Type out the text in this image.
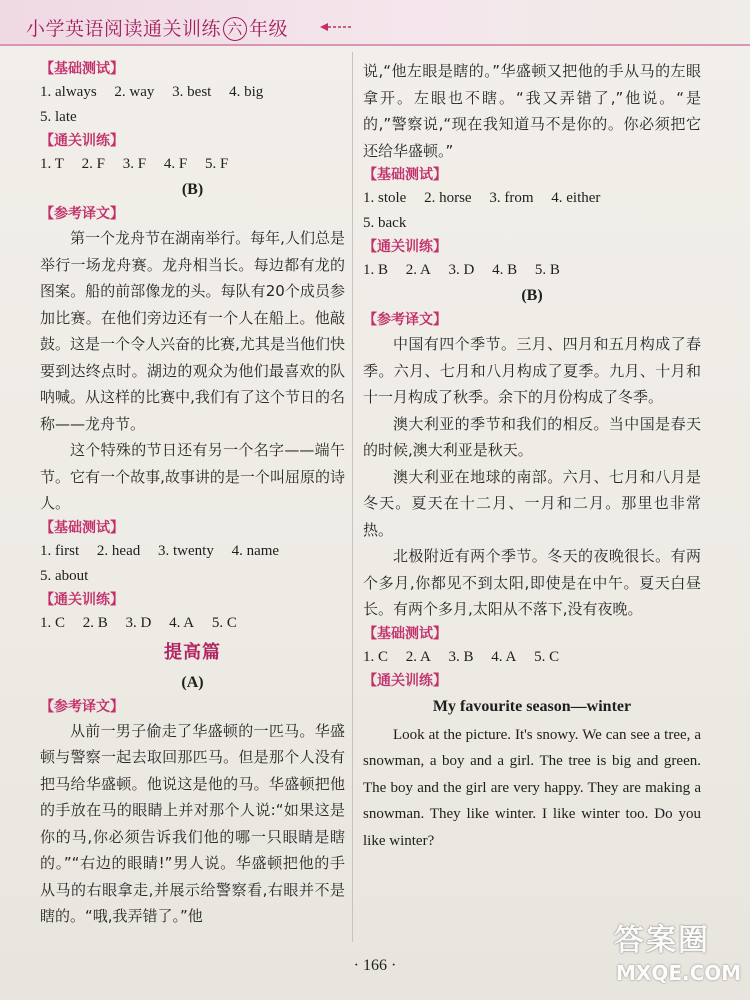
小学英语阅读通关训练 六 年级
【基础测试】
1. always 2. way 3. best 4. big
5. late
【通关训练】
1. T 2. F 3. F 4. F 5. F
(B)
【参考译文】

第一个龙舟节在湖南举行。每年,人们总是举行一场龙舟赛。龙舟相当长。每边都有龙的图案。船的前部像龙的头。每队有20个成员参加比赛。在他们旁边还有一个人在船上。他敲鼓。这是一个令人兴奋的比赛,尤其是当他们快要到达终点时。湖边的观众为他们最喜欢的队呐喊。从这样的比赛中,我们有了这个节日的名称——龙舟节。

这个特殊的节日还有另一个名字——端午节。它有一个故事,故事讲的是一个叫屈原的诗人。

【基础测试】
1. first 2. head 3. twenty 4. name
5. about
【通关训练】
1. C 2. B 3. D 4. A 5. C
提高篇
(A)
【参考译文】

从前一男子偷走了华盛顿的一匹马。华盛顿与警察一起去取回那匹马。但是那个人没有把马给华盛顿。他说这是他的马。华盛顿把他的手放在马的眼睛上并对那个人说:“如果这是你的马,你必须告诉我们他的哪一只眼睛是瞎的。”“右边的眼睛!”男人说。华盛顿把他的手从马的右眼拿走,并展示给警察看,右眼并不是瞎的。“哦,我弄错了。”他

说,“他左眼是瞎的。”华盛顿又把他的手从马的左眼拿开。左眼也不瞎。“我又弄错了,”他说。“是的,”警察说,“现在我知道马不是你的。你必须把它还给华盛顿。”

【基础测试】
1. stole 2. horse 3. from 4. either
5. back
【通关训练】
1. B 2. A 3. D 4. B 5. B
(B)
【参考译文】

中国有四个季节。三月、四月和五月构成了春季。六月、七月和八月构成了夏季。九月、十月和十一月构成了秋季。余下的月份构成了冬季。

澳大利亚的季节和我们的相反。当中国是春天的时候,澳大利亚是秋天。

澳大利亚在地球的南部。六月、七月和八月是冬天。夏天在十二月、一月和二月。那里也非常热。

北极附近有两个季节。冬天的夜晚很长。有两个多月,你都见不到太阳,即使是在中午。夏天白昼长。有两个多月,太阳从不落下,没有夜晚。

【基础测试】
1. C 2. A 3. B 4. A 5. C
【通关训练】
My favourite season—winter

Look at the picture. It's snowy. We can see a tree, a snowman, a boy and a girl. The tree is big and green. The boy and the girl are very happy. They are making a snowman. They like winter. I like winter too. Do you like winter?

· 166 ·
答案圈
MXQE.COM
